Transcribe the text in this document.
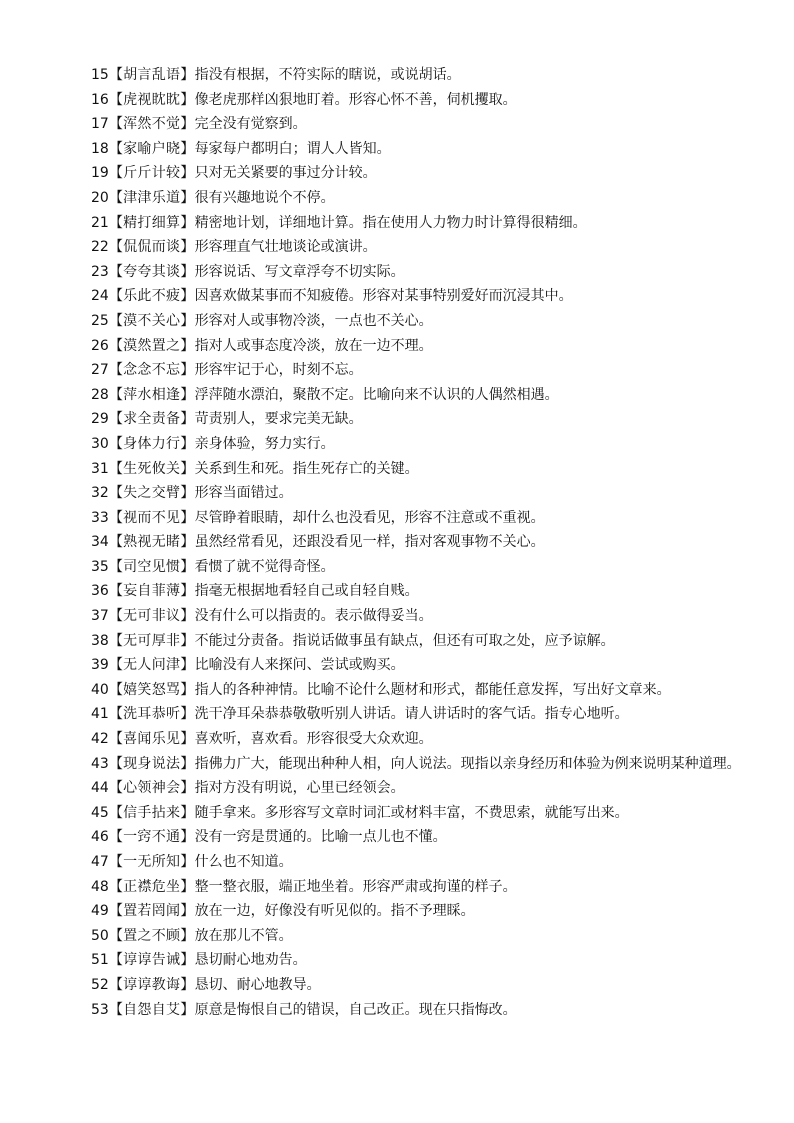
15【胡言乱语】指没有根据，不符实际的瞎说，或说胡话。
16【虎视眈眈】像老虎那样凶狠地盯着。形容心怀不善，伺机攫取。
17【浑然不觉】完全没有觉察到。
18【家喻户晓】每家每户都明白；谓人人皆知。
19【斤斤计较】只对无关紧要的事过分计较。
20【津津乐道】很有兴趣地说个不停。
21【精打细算】精密地计划，详细地计算。指在使用人力物力时计算得很精细。
22【侃侃而谈】形容理直气壮地谈论或演讲。
23【夸夸其谈】形容说话、写文章浮夸不切实际。
24【乐此不疲】因喜欢做某事而不知疲倦。形容对某事特别爱好而沉浸其中。
25【漠不关心】形容对人或事物冷淡，一点也不关心。
26【漠然置之】指对人或事态度冷淡，放在一边不理。
27【念念不忘】形容牢记于心，时刻不忘。
28【萍水相逢】浮萍随水漂泊，聚散不定。比喻向来不认识的人偶然相遇。
29【求全责备】苛责别人，要求完美无缺。
30【身体力行】亲身体验，努力实行。
31【生死攸关】关系到生和死。指生死存亡的关键。
32【失之交臂】形容当面错过。
33【视而不见】尽管睁着眼睛，却什么也没看见，形容不注意或不重视。
34【熟视无睹】虽然经常看见，还跟没看见一样，指对客观事物不关心。
35【司空见惯】看惯了就不觉得奇怪。
36【妄自菲薄】指毫无根据地看轻自己或自轻自贱。
37【无可非议】没有什么可以指责的。表示做得妥当。
38【无可厚非】不能过分责备。指说话做事虽有缺点，但还有可取之处，应予谅解。
39【无人问津】比喻没有人来探问、尝试或购买。
40【嬉笑怒骂】指人的各种神情。比喻不论什么题材和形式，都能任意发挥，写出好文章来。
41【洗耳恭听】洗干净耳朵恭恭敬敬听别人讲话。请人讲话时的客气话。指专心地听。
42【喜闻乐见】喜欢听，喜欢看。形容很受大众欢迎。
43【现身说法】指佛力广大，能现出种种人相，向人说法。现指以亲身经历和体验为例来说明某种道理。
44【心领神会】指对方没有明说，心里已经领会。
45【信手拈来】随手拿来。多形容写文章时词汇或材料丰富，不费思索，就能写出来。
46【一窍不通】没有一窍是贯通的。比喻一点儿也不懂。
47【一无所知】什么也不知道。
48【正襟危坐】整一整衣服，端正地坐着。形容严肃或拘谨的样子。
49【置若罔闻】放在一边，好像没有听见似的。指不予理睬。
50【置之不顾】放在那儿不管。
51【谆谆告诫】恳切耐心地劝告。
52【谆谆教诲】恳切、耐心地教导。
53【自怨自艾】原意是悔恨自己的错误，自己改正。现在只指悔改。
